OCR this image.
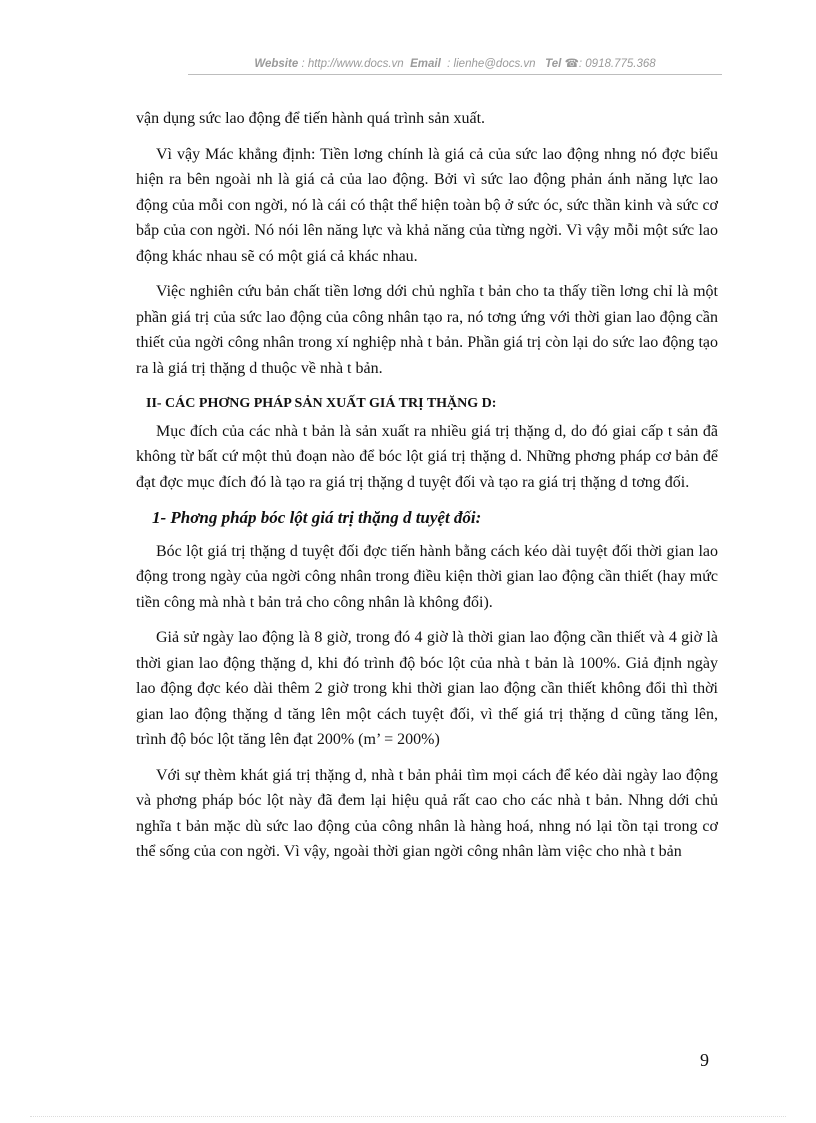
Website : http://www.docs.vn Email : lienhe@docs.vn Tel ☎: 0918.775.368

vận dụng sức lao động để tiến hành quá trình sản xuất.

Vì vậy Mác khẳng định: Tiền lơng chính là giá cả của sức lao động nhng nó đợc biểu hiện ra bên ngoài nh là giá cả của lao động. Bởi vì sức lao động phản ánh năng lực lao động của mỗi con ngời, nó là cái có thật thể hiện toàn bộ ở sức óc, sức thần kinh và sức cơ bắp của con ngời. Nó nói lên năng lực và khả năng của từng ngời. Vì vậy mỗi một sức lao động khác nhau sẽ có một giá cả khác nhau.

Việc nghiên cứu bản chất tiền lơng dới chủ nghĩa t bản cho ta thấy tiền lơng chỉ là một phần giá trị của sức lao động của công nhân tạo ra, nó tơng ứng với thời gian lao động cần thiết của ngời công nhân trong xí nghiệp nhà t bản. Phần giá trị còn lại do sức lao động tạo ra là giá trị thặng d thuộc về nhà t bản.

II- CÁC PHƠNG PHÁP SẢN XUẤT GIÁ TRỊ THẶNG D:

Mục đích của các nhà t bản là sản xuất ra nhiều giá trị thặng d, do đó giai cấp t sản đã không từ bất cứ một thủ đoạn nào để bóc lột giá trị thặng d. Những phơng pháp cơ bản để đạt đợc mục đích đó là tạo ra giá trị thặng d tuyệt đối và tạo ra giá trị thặng d tơng đối.

1- Phơng pháp bóc lột giá trị thặng d tuyệt đối:

Bóc lột giá trị thặng d tuyệt đối đợc tiến hành bằng cách kéo dài tuyệt đối thời gian lao động trong ngày của ngời công nhân trong điều kiện thời gian lao động cần thiết (hay mức tiền công mà nhà t bản trả cho công nhân là không đổi).

Giả sử ngày lao động là 8 giờ, trong đó 4 giờ là thời gian lao động cần thiết và 4 giờ là thời gian lao động thặng d, khi đó trình độ bóc lột của nhà t bản là 100%. Giả định ngày lao động đợc kéo dài thêm 2 giờ trong khi thời gian lao động cần thiết không đổi thì thời gian lao động thặng d tăng lên một cách tuyệt đối, vì thế giá trị thặng d cũng tăng lên, trình độ bóc lột tăng lên đạt 200% (m’ = 200%)

Với sự thèm khát giá trị thặng d, nhà t bản phải tìm mọi cách để kéo dài ngày lao động và phơng pháp bóc lột này đã đem lại hiệu quả rất cao cho các nhà t bản. Nhng dới chủ nghĩa t bản mặc dù sức lao động của công nhân là hàng hoá, nhng nó lại tồn tại trong cơ thể sống của con ngời. Vì vậy, ngoài thời gian ngời công nhân làm việc cho nhà t bản

9
